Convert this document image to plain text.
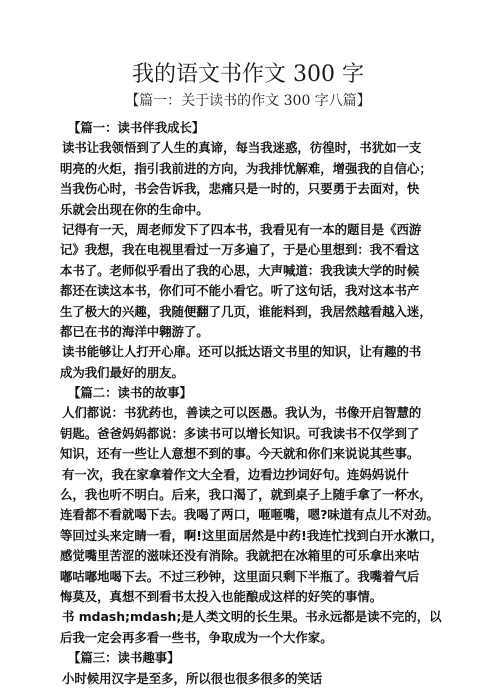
我的语文书作文 300 字
【篇一：关于读书的作文 300 字八篇】
【篇一：读书伴我成长】
读书让我领悟到了人生的真谛，每当我迷惑，彷徨时，书犹如一支
明亮的火炬，指引我前进的方向，为我排忧解难，增强我的自信心；
当我伤心时，书会告诉我，悲痛只是一时的，只要勇于去面对，快
乐就会出现在你的生命中。
记得有一天，周老师发下了四本书，我看见有一本的题目是《西游
记》我想，我在电视里看过一万多遍了，于是心里想到：我不看这
本书了。老师似乎看出了我的心思，大声喊道：我我读大学的时候
都还在读这本书，你们可不能小看它。听了这句话，我对这本书产
生了极大的兴趣，我随便翻了几页，谁能料到，我居然越看越入迷，
都已在书的海洋中翱游了。
读书能够让人打开心扉。还可以抵达语文书里的知识，让有趣的书
成为我们最好的朋友。
【篇二：读书的故事】
人们都说：书犹药也，善读之可以医愚。我认为，书像开启智慧的
钥匙。爸爸妈妈都说：多读书可以增长知识。可我读书不仅学到了
知识，还有一些让人意想不到的事。今天就和你们来说说其些事。
有一次，我在家拿着作文大全看，边看边抄词好句。连妈妈说什
么，我也听不明白。后来，我口渴了，就到桌子上随手拿了一杯水，
连看都不看就喝下去。我喝了两口，咂咂嘴，嗯?味道有点儿不对劲。
等回过头来定睛一看，啊!这里面居然是中药!我连忙找到白开水漱口，
感觉嘴里苦涩的滋味还没有消除。我就把在冰箱里的可乐拿出来咕
嘟咕嘟地喝下去。不过三秒钟，这里面只剩下半瓶了。我嘴着气后
悔莫及，真想不到看书太投入也能酿成这样的好笑的事情。
书 mdash;mdash;是人类文明的长生果。书永远都是读不完的，以
后我一定会再多看一些书，争取成为一个大作家。
【篇三：读书趣事】
小时候用汉字是至多，所以很也很多很多的笑话
